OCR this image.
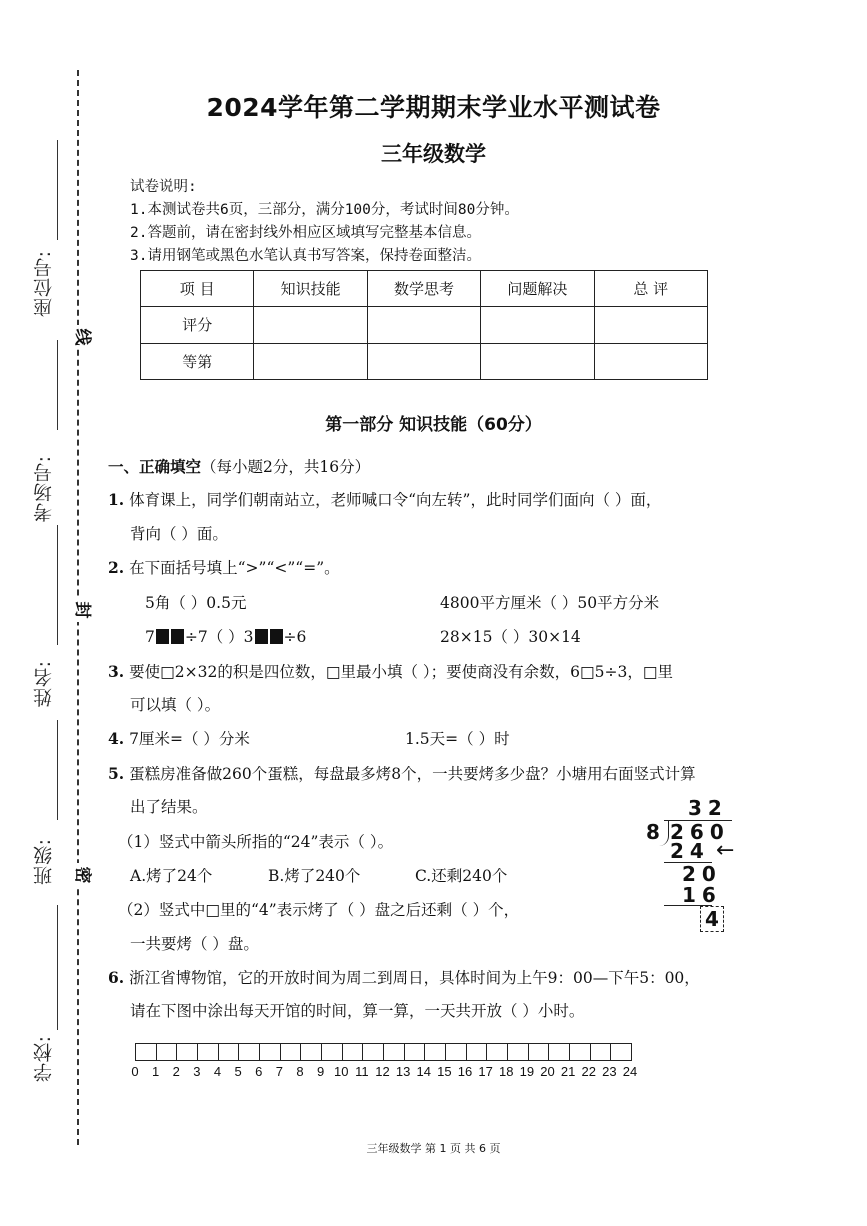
座位号:
考场号:
姓名:
班级:
学校:
线
封
密
2024学年第二学期期末学业水平测试卷
三年级数学
试卷说明:
1.本测试卷共6页，三部分，满分100分，考试时间80分钟。
2.答题前，请在密封线外相应区域填写完整基本信息。
3.请用钢笔或黑色水笔认真书写答案，保持卷面整洁。
项 目	知识技能	数学思考	问题解决	总 评
评分				
等第				
第一部分 知识技能（60分）
一、正确填空（每小题2分，共16分）
1. 体育课上，同学们朝南站立，老师喊口令“向左转”，此时同学们面向（ ）面，
背向（ ）面。
2. 在下面括号填上“>”“<”“=”。
5角（ ）0.5元	4800平方厘米（ ）50平方分米
7 ÷7（ ）3 ÷6	28×15（ ）30×14
3. 要使□2×32的积是四位数，□里最小填（ ）；要使商没有余数，6□5÷3，□里
可以填（ ）。
4. 7厘米=（ ）分米	1.5天=（ ）时
5. 蛋糕房准备做260个蛋糕，每盘最多烤8个，一共要烤多少盘？小塘用右面竖式计算
出了结果。
（1）竖式中箭头所指的“24”表示（ ）。
A.烤了24个	B.烤了240个	C.还剩240个
（2）竖式中□里的“4”表示烤了（ ）盘之后还剩（ ）个，
一共要烤（ ）盘。
32
8 260
24 ←
20
16
4
6. 浙江省博物馆，它的开放时间为周二到周日，具体时间为上午9：00—下午5：00，
请在下图中涂出每天开馆的时间，算一算，一天共开放（ ）小时。
0 1 2 3 4 5 6 7 8 9 10 11 12 13 14 15 16 17 18 19 20 21 22 23 24
三年级数学 第 1 页 共 6 页
